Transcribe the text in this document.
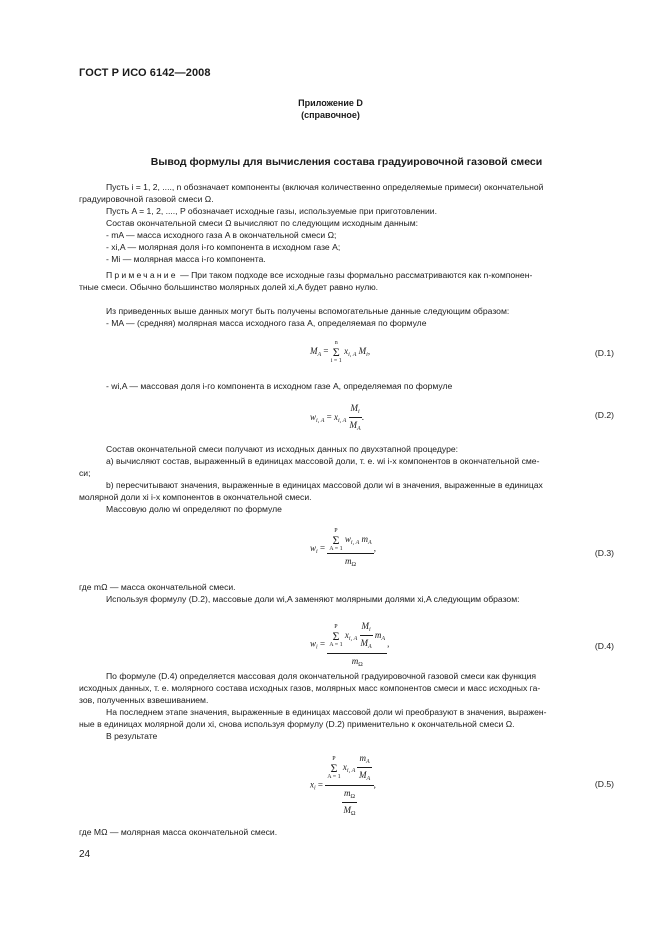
ГОСТ Р ИСО 6142—2008
Приложение D
(справочное)
Вывод формулы для вычисления состава градуировочной газовой смеси

Пусть i = 1, 2, ...., n обозначает компоненты (включая количественно определяемые примеси) окончательной

градуировочной газовой смеси Ω.

Пусть A = 1, 2, ...., P обозначает исходные газы, используемые при приготовлении.

Состав окончательной смеси Ω вычисляют по следующим исходным данным:

- mA — масса исходного газа A в окончательной смеси Ω;

- xi,A — молярная доля i-го компонента в исходном газе A;

- Mi — молярная масса i-го компонента.

Примечание — При таком подходе все исходные газы формально рассматриваются как n-компонен-

тные смеси. Обычно большинство молярных долей xi,A будет равно нулю.

Из приведенных выше данных могут быть получены вспомогательные данные следующим образом:

- MA — (средняя) молярная масса исходного газа A, определяемая по формуле

$M_A = n$
Σ
i = 1 $x_{i, A}$ $M_i$,	(D.1)

- wi,A — массовая доля i-го компонента в исходном газе A, определяемая по формуле

$w_{i, A} = x_{i, A} \frac{M_i}{M_A}$ .	(D.2)

Состав окончательной смеси получают из исходных данных по двухэтапной процедуре:

а) вычисляют состав, выраженный в единицах массовой доли, т. е. wi i-х компонентов в окончательной сме-

си;

b) пересчитывают значения, выраженные в единицах массовой доли wi в значения, выраженные в единицах

молярной доли xi i-х компонентов в окончательной смеси.

Массовую долю wi определяют по формуле

$w_i = P$
Σ
A = 1 $w_{i, A}$ $m_A$
$m_\Omega$ ,
(D.3)

где mΩ — масса окончательной смеси.

Используя формулу (D.2), массовые доли wi,A заменяют молярными долями xi,A следующим образом:

$w_i = P$
Σ
A = 1 $x_{i, A} \frac{M_i}{M_A} m_A$
$m_\Omega$ ,	(D.4)

По формуле (D.4) определяется массовая доля окончательной градуировочной газовой смеси как функция

исходных данных, т. е. молярного состава исходных газов, молярных масс компонентов смеси и масс исходных га-

зов, полученных взвешиванием.

На последнем этапе значения, выраженные в единицах массовой доли wi преобразуют в значения, выражен-

ные в единицах молярной доли xi, снова используя формулу (D.2) применительно к окончательной смеси Ω.

В результате

$x_i = P$
Σ
A = 1 $x_{i, A} \frac{m_A}{M_A}$
$\frac{m_\Omega}{M_\Omega}$ ,	(D.5)

где MΩ — молярная масса окончательной смеси.

24
